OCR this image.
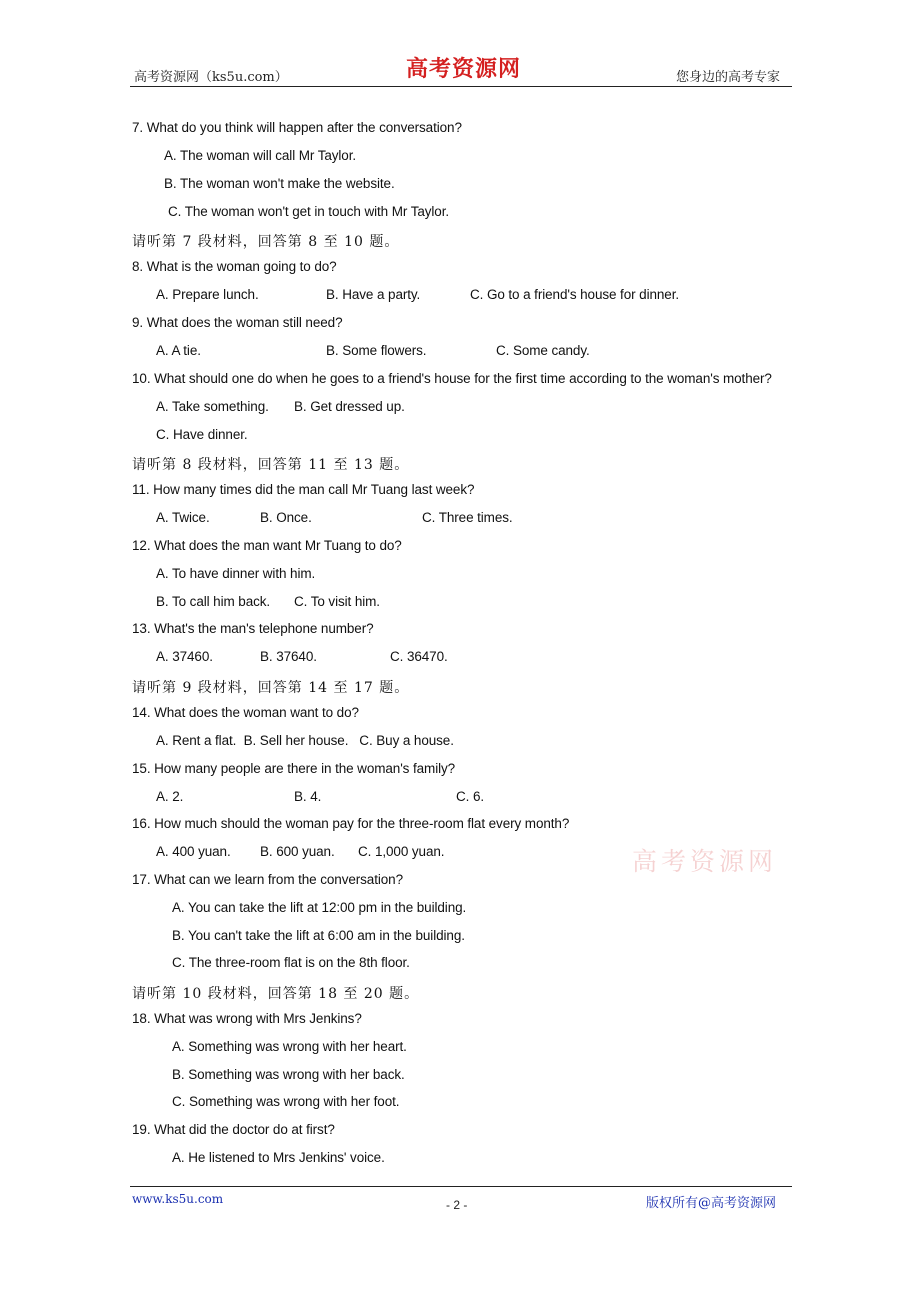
高考资源网（ks5u.com）	高考资源网	您身边的高考专家
7. What do you think will happen after the conversation?
A. The woman will call Mr Taylor.
B. The woman won't make the website.
C. The woman won't get in touch with Mr Taylor.
请听第 7 段材料，回答第 8 至 10 题。
8. What is the woman going to do?
A. Prepare lunch.	B. Have a party.	C. Go to a friend's house for dinner.
9. What does the woman still need?
A. A tie.	B. Some flowers.	C. Some candy.
10. What should one do when he goes to a friend's house for the first time according to the woman's mother?
A. Take something. B. Get dressed up.
C. Have dinner.
请听第 8 段材料，回答第 11 至 13 题。
11. How many times did the man call Mr Tuang last week?
A. Twice.	B. Once.	C. Three times.
12. What does the man want Mr Tuang to do?
A. To have dinner with him.
B. To call him back. C. To visit him.
13. What's the man's telephone number?
A. 37460.	B. 37640.	C. 36470.
请听第 9 段材料，回答第 14 至 17 题。
14. What does the woman want to do?
A. Rent a flat.  B. Sell her house.   C. Buy a house.
15. How many people are there in the woman's family?
A. 2.	B. 4.	C. 6.
16. How much should the woman pay for the three-room flat every month?
A. 400 yuan. B. 600 yuan. C. 1,000 yuan.	高考资源网
17. What can we learn from the conversation?
A. You can take the lift at 12:00 pm in the building.
B. You can't take the lift at 6:00 am in the building.
C. The three-room flat is on the 8th floor.
请听第 10 段材料，回答第 18 至 20 题。
18. What was wrong with Mrs Jenkins?
A. Something was wrong with her heart.
B. Something was wrong with her back.
C. Something was wrong with her foot.
19. What did the doctor do at first?
A. He listened to Mrs Jenkins' voice.
www.ks5u.com	- 2 -	版权所有@高考资源网
